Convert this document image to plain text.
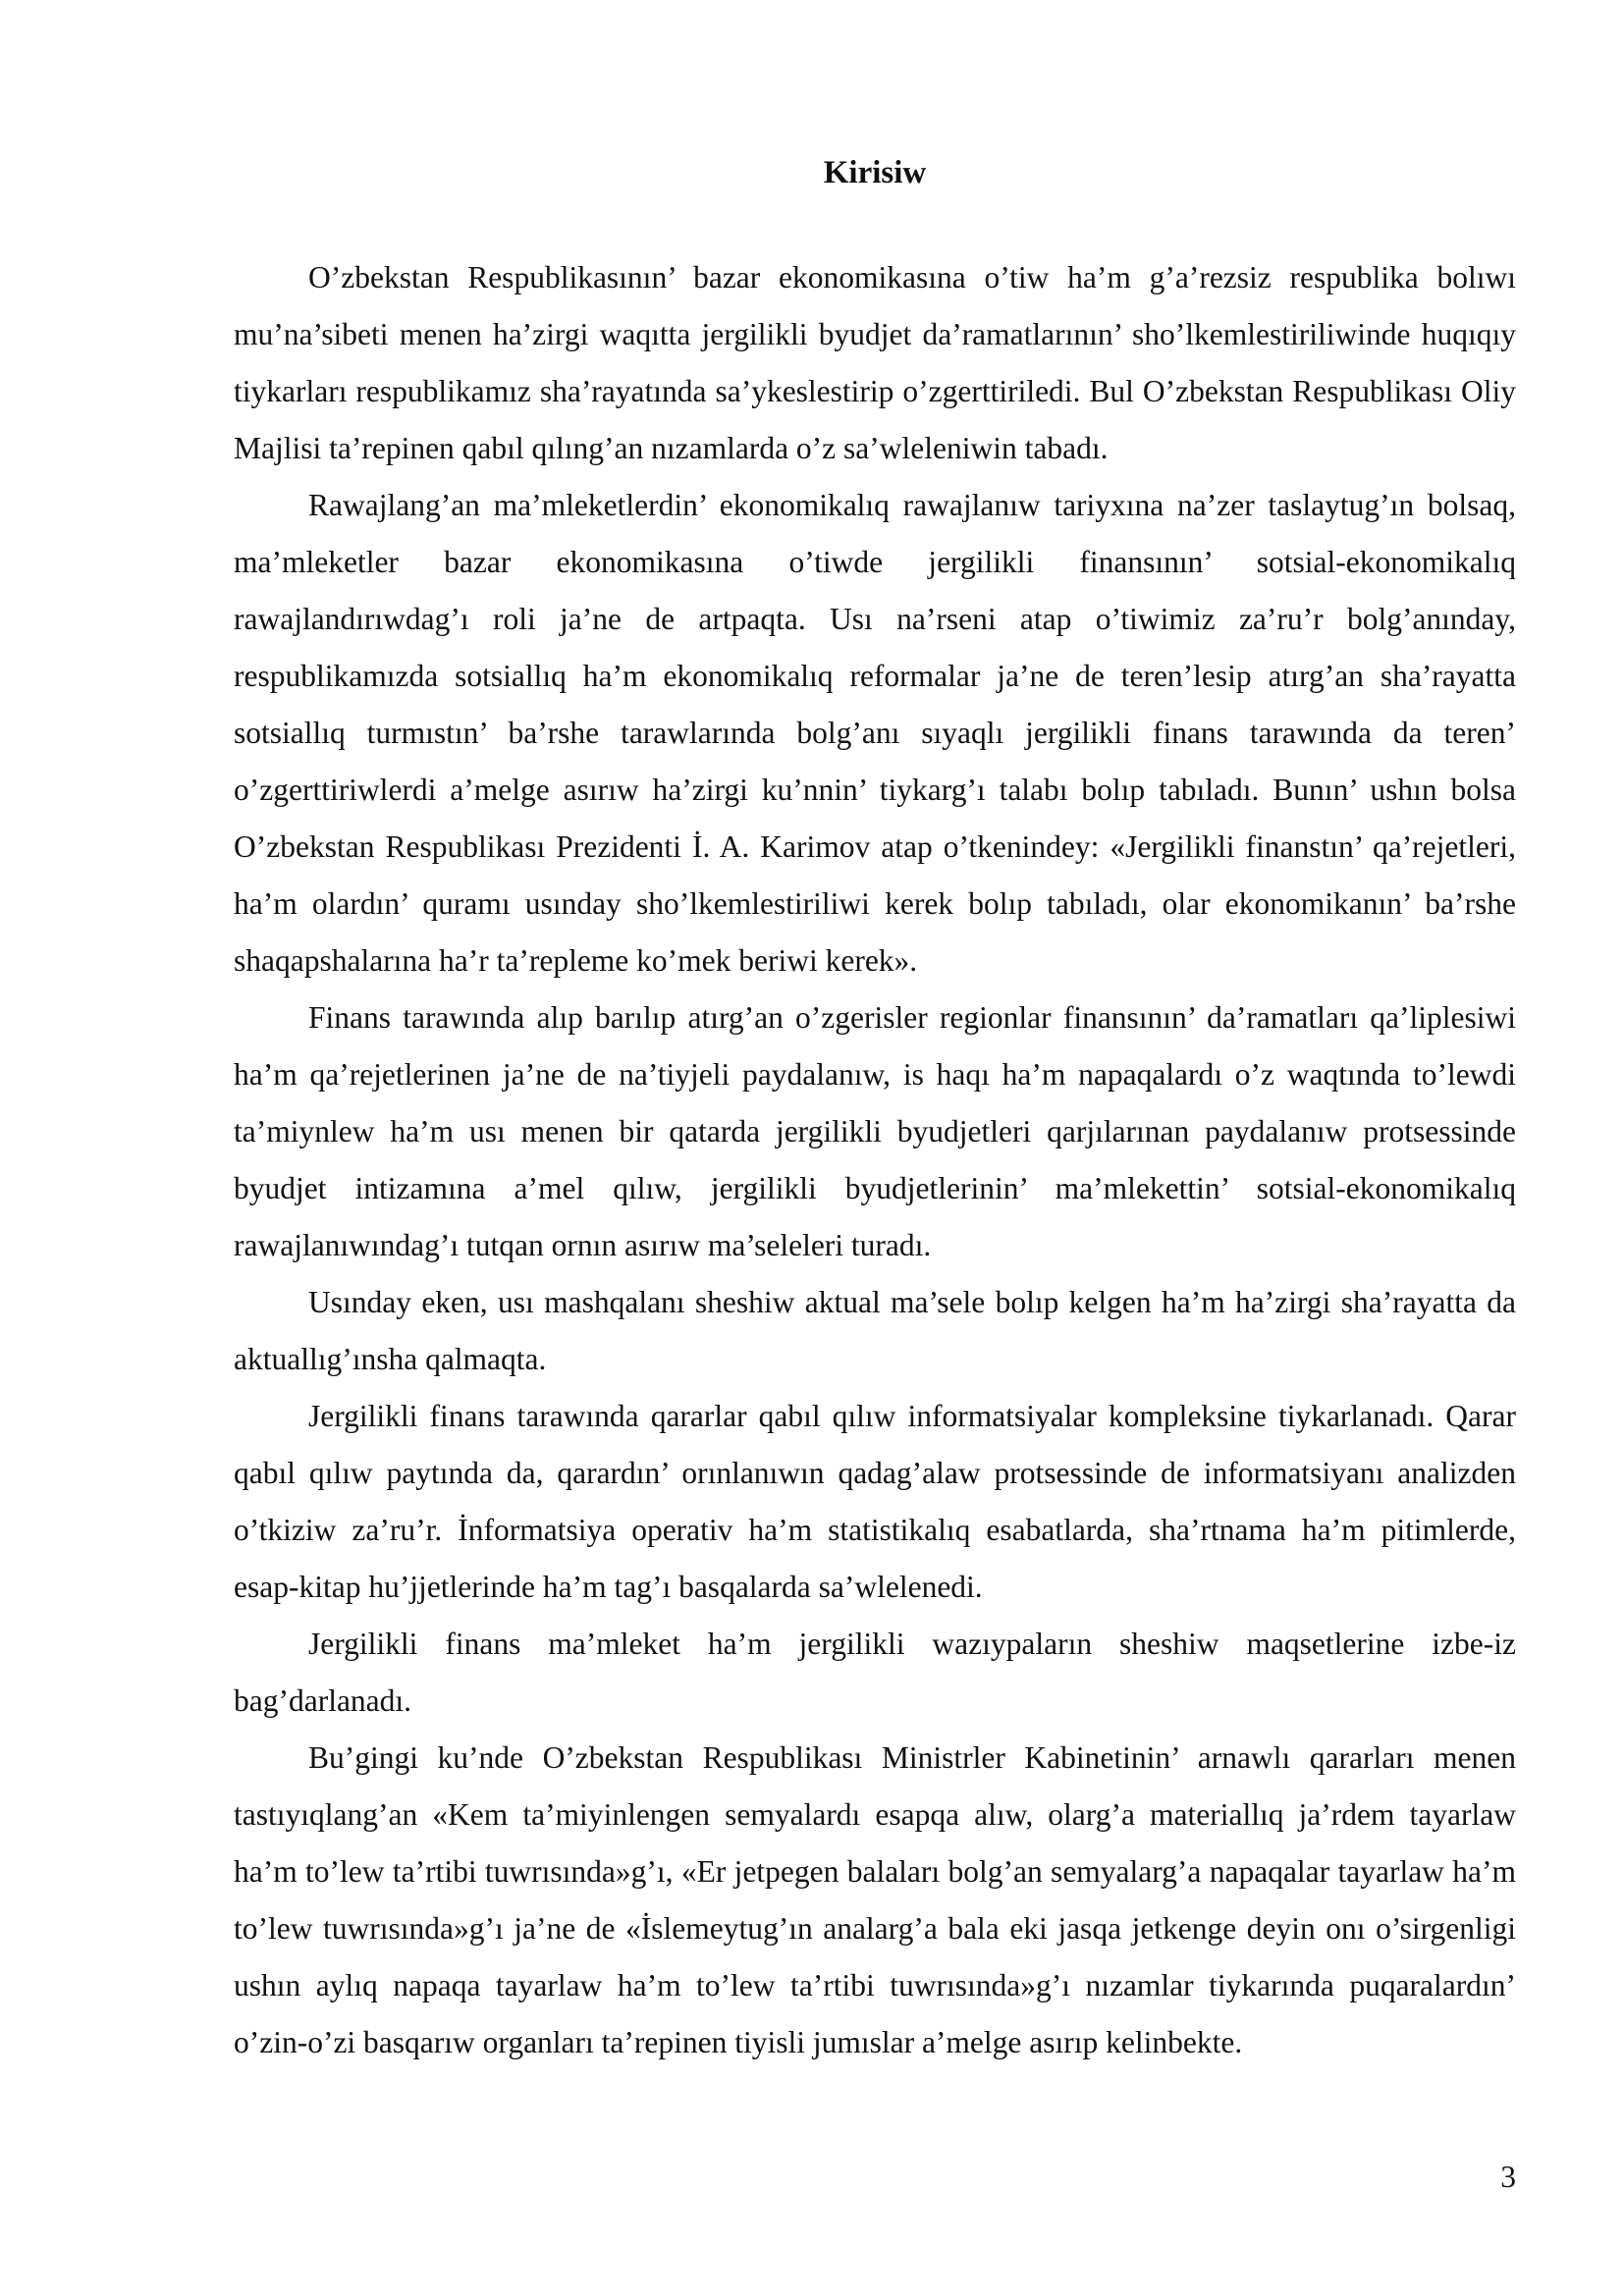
Kirisiw

O’zbekstan Respublikasının’ bazar ekonomikasına o’tiw ha’m g’a’rezsiz respublika bolıwı mu’na’sibeti menen ha’zirgi waqıtta jergilikli byudjet da’ramatlarının’ sho’lkemlestiriliwinde huqıqıy tiykarları respublikamız sha’rayatında sa’ykeslestirip o’zgerttiriledi. Bul O’zbekstan Respublikası Oliy Majlisi ta’repinen qabıl qılıng’an nızamlarda o’z sa’wleleniwin tabadı.

Rawajlang’an ma’mleketlerdin’ ekonomikalıq rawajlanıw tariyxına na’zer taslaytug’ın bolsaq, ma’mleketler bazar ekonomikasına o’tiwde jergilikli finansının’ sotsial-ekonomikalıq rawajlandırıwdag’ı roli ja’ne de artpaqta. Usı na’rseni atap o’tiwimiz za’ru’r bolg’anınday, respublikamızda sotsiallıq ha’m ekonomikalıq reformalar ja’ne de teren’lesip atırg’an sha’rayatta sotsiallıq turmıstın’ ba’rshe tarawlarında bolg’anı sıyaqlı jergilikli finans tarawında da teren’ o’zgerttiriwlerdi a’melge asırıw ha’zirgi ku’nnin’ tiykarg’ı talabı bolıp tabıladı. Bunın’ ushın bolsa O’zbekstan Respublikası Prezidenti İ. A. Karimov atap o’tkenindey: «Jergilikli finanstın’ qa’rejetleri, ha’m olardın’ quramı usınday sho’lkemlestiriliwi kerek bolıp tabıladı, olar ekonomikanın’ ba’rshe shaqapshalarına ha’r ta’repleme ko’mek beriwi kerek».

Finans tarawında alıp barılıp atırg’an o’zgerisler regionlar finansının’ da’ramatları qa’liplesiwi ha’m qa’rejetlerinen ja’ne de na’tiyjeli paydalanıw, is haqı ha’m napaqalardı o’z waqtında to’lewdi ta’miynlew ha’m usı menen bir qatarda jergilikli byudjetleri qarjılarınan paydalanıw protsessinde byudjet intizamına a’mel qılıw, jergilikli byudjetlerinin’ ma’mlekettin’ sotsial-ekonomikalıq rawajlanıwındag’ı tutqan ornın asırıw ma’seleleri turadı.

Usınday eken, usı mashqalanı sheshiw aktual ma’sele bolıp kelgen ha’m ha’zirgi sha’rayatta da aktuallıg’ınsha qalmaqta.

Jergilikli finans tarawında qararlar qabıl qılıw informatsiyalar kompleksine tiykarlanadı. Qarar qabıl qılıw paytında da, qarardın’ orınlanıwın qadag’alaw protsessinde de informatsiyanı analizden o’tkiziw za’ru’r. İnformatsiya operativ ha’m statistikalıq esabatlarda, sha’rtnama ha’m pitimlerde, esap-kitap hu’jjetlerinde ha’m tag’ı basqalarda sa’wlelenedi.

Jergilikli finans ma’mleket ha’m jergilikli wazıypaların sheshiw maqsetlerine izbe-iz bag’darlanadı.

Bu’gingi ku’nde O’zbekstan Respublikası Ministrler Kabinetinin’ arnawlı qararları menen tastıyıqlang’an «Kem ta’miyinlengen semyalardı esapqa alıw, olarg’a materiallıq ja’rdem tayarlaw ha’m to’lew ta’rtibi tuwrısında»g’ı, «Er jetpegen balaları bolg’an semyalarg’a napaqalar tayarlaw ha’m to’lew tuwrısında»g’ı ja’ne de «İslemeytug’ın analarg’a bala eki jasqa jetkenge deyin onı o’sirgenligi ushın aylıq napaqa tayarlaw ha’m to’lew ta’rtibi tuwrısında»g’ı nızamlar tiykarında puqaralardın’ o’zin-o’zi basqarıw organları ta’repinen tiyisli jumıslar a’melge asırıp kelinbekte.

3
